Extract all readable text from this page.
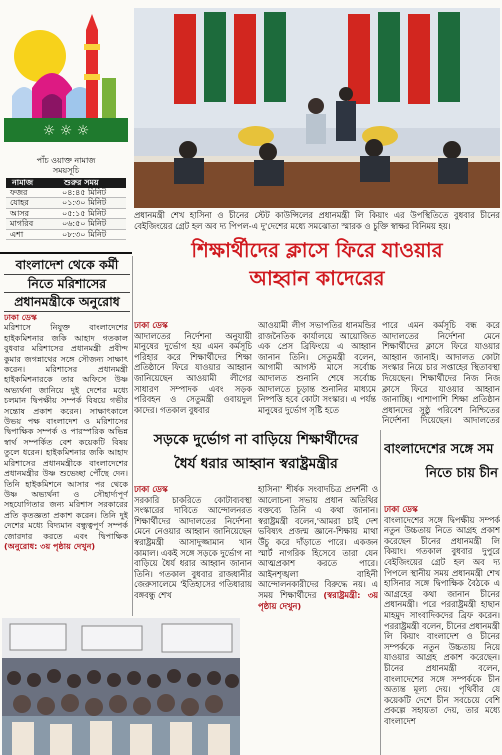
☼ ☼ ☼
পাঁচ ওয়াক্ত নামাজ
সময়সূচি
নামাজ	শুরুর সময়
ফজর	০৪:৪৫ মিনিট
যোহর	০১:৩০ মিনিট
আসর	০৫:১৫ মিনিট
মাগরিব	০৬:৫০ মিনিট
এশা	০৮:৩০ মিনিট
বাংলাদেশ থেকে কর্মী
নিতে মরিশাসের
প্রধানমন্ত্রীকে অনুরোধ
ঢাকা ডেস্ক
মরিশাসে নিযুক্ত বাংলাদেশের হাইকমিশনার জকি আহাদ গতকাল বুধবার মরিশাসের প্রধানমন্ত্রী প্রবীন্দ কুমার জগন্নাথের সঙ্গে সৌজন্য সাক্ষাৎ করেন। মরিশাসের প্রধানমন্ত্রী হাইকমিশনারকে তার অফিসে উষ্ণ অভ্যর্থনা জানিয়ে দুই দেশের মধ্যে চলমান দ্বিপক্ষীয় সম্পর্ক বিষয়ে গভীর সন্তোষ প্রকাশ করেন। সাক্ষাৎকালে উভয় পক্ষ বাংলাদেশ ও মরিশাসের দ্বিপাক্ষিক সম্পর্ক ও পারস্পরিক অভিন্ন স্বার্থ সম্পর্কিত বেশ কয়েকটি বিষয় তুলে ধরেন। হাইকমিশনার জকি আহাদ মরিশাসের প্রধানমন্ত্রীকে বাংলাদেশের প্রধানমন্ত্রীর উষ্ণ শুভেচ্ছা পৌঁছে দেন। তিনি হাইকমিশনে আসার পর থেকে উষ্ণ অভ্যর্থনা ও সৌহার্দ্যপূর্ণ সহযোগিতার জন্য মরিশাস সরকারের প্রতি কৃতজ্ঞতা প্রকাশ করেন। তিনি দুই দেশের মধ্যে বিদ্যমান বন্ধুত্বপূর্ণ সম্পর্ক জোরদার করতে এবং দ্বিপাক্ষিক (অনুরোধ: ৩য় পৃষ্ঠায় দেখুন)
প্রধানমন্ত্রী শেখ হাসিনা ও চীনের স্টেট কাউন্সিলের প্রধানমন্ত্রী লি কিয়াং এর উপস্থিতিতে বুধবার চীনের বেইজিংয়ের গ্রেট হল অব দ্য পিপল-এ দু'দেশের মধ্যে সমঝোতা স্মারক ও চুক্তি স্বাক্ষর বিনিময় হয়।
শিক্ষার্থীদের ক্লাসে ফিরে যাওয়ার
আহ্বান কাদেরের
ঢাকা ডেস্ক
আদালতের নির্দেশনা অনুযায়ী মানুষের দুর্ভোগ হয় এমন কর্মসূচি পরিহার করে শিক্ষার্থীদের শিক্ষা প্রতিষ্ঠানে ফিরে যাওয়ার আহ্বান জানিয়েছেন আওয়ামী লীগের সাধারণ সম্পাদক এবং সড়ক পরিবহন ও সেতুমন্ত্রী ওবায়দুল কাদের। গতকাল বুধবার
আওয়ামী লীগ সভাপতির ধানমন্ডির রাজনৈতিক কার্যালয়ে আয়োজিত এক প্রেস ব্রিফিংয়ে এ আহ্বান জানান তিনি। সেতুমন্ত্রী বলেন, আগামী আগস্ট মাসে সর্বোচ্চ আদালত শুনানি শেষে সর্বোচ্চ আদালতে চূড়ান্ত শুনানির মাধ্যমে নিষ্পত্তি হবে কোটা সংস্কার। এ পর্যন্ত মানুষের দুর্ভোগ সৃষ্টি হতে
পারে এমন কর্মসূচি বন্ধ করে আদালতের নির্দেশনা মেনে শিক্ষার্থীদের ক্লাসে ফিরে যাওয়ার আহ্বান জানাই। আদালত কোটা সংস্কার নিয়ে চার সপ্তাহের স্থিতাবস্থা দিয়েছেন। শিক্ষার্থীদের নিজ নিজ ক্লাসে ফিরে যাওয়ার আহ্বান জানাচ্ছি। পাশাপাশি শিক্ষা প্রতিষ্ঠান প্রধানদের সুষ্ঠু পরিবেশ নিশ্চিতের নির্দেশনা দিয়েছেন। আদালতের
সড়কে দুর্ভোগ না বাড়িয়ে শিক্ষার্থীদের
ধৈর্য ধরার আহ্বান স্বরাষ্ট্রমন্ত্রীর
ঢাকা ডেস্ক
সরকারি চাকরিতে কোটাব্যবস্থা সংস্কারের দাবিতে আন্দোলনরত শিক্ষার্থীদের আদালতের নির্দেশনা মেনে নেওয়ার আহ্বান জানিয়েছেন স্বরাষ্ট্রমন্ত্রী আসাদুজ্জামান খান কামাল। একই সঙ্গে সড়কে দুর্ভোগ না বাড়িয়ে ধৈর্য ধরার আহ্বান জানান তিনি। গতকাল বুধবার রাজধানীর জেরুসালেমে 'ইতিহাসের গতিধারায় বঙ্গবন্ধু শেখ
হাসিনা' শীর্ষক সংবাদচিত্র প্রদর্শনী ও আলোচনা সভায় প্রধান অতিথির বক্তব্যে তিনি এ কথা জানান। স্বরাষ্ট্রমন্ত্রী বলেন,'আমরা চাই দেশ ভবিষ্যৎ প্রজন্ম জ্ঞানে-শিক্ষায় মাথা উঁচু করে দাঁড়াতে পারে। একজন স্মার্ট নাগরিক হিসেবে তারা যেন আত্মপ্রকাশ করতে পারে। আইনশৃঙ্খলা বাহিনী আন্দোলনকারীদের বিরুদ্ধে নয়। এ সময় শিক্ষার্থীদের (স্বরাষ্ট্রমন্ত্রী: ৩য় পৃষ্ঠায় দেখুন)
বাংলাদেশের সঙ্গে সম
নিতে চায় চীন
ঢাকা ডেস্ক
বাংলাদেশের সঙ্গে দ্বিপক্ষীয় সম্পর্ক নতুন উচ্চতায় নিতে আগ্রহ প্রকাশ করেছেন চীনের প্রধানমন্ত্রী লি কিয়াং। গতকাল বুধবার দুপুরে বেইজিংয়ের গ্রেট হল অব দ্য পিপলে স্থানীয় সময় প্রধানমন্ত্রী শেখ হাসিনার সঙ্গে দ্বিপাক্ষিক বৈঠকে এ আগ্রহের কথা জানান চীনের প্রধানমন্ত্রী। পরে পররাষ্ট্রমন্ত্রী হাছান মাহমুদ সাংবাদিকদের ব্রিফ করেন। পররাষ্ট্রমন্ত্রী বলেন, চীনের প্রধানমন্ত্রী লি কিয়াং বাংলাদেশ ও চীনের সম্পর্ককে নতুন উচ্চতায় নিয়ে যাওয়ার আগ্রহ প্রকাশ করেছেন। চীনের প্রধানমন্ত্রী বলেন, বাংলাদেশের সঙ্গে সম্পর্ককে চীন অত্যন্ত মূল্য দেয়। পৃথিবীর যে কয়েকটি দেশে চীন সবচেয়ে বেশি প্রকল্পে সহায়তা দেয়, তার মধ্যে বাংলাদেশ
